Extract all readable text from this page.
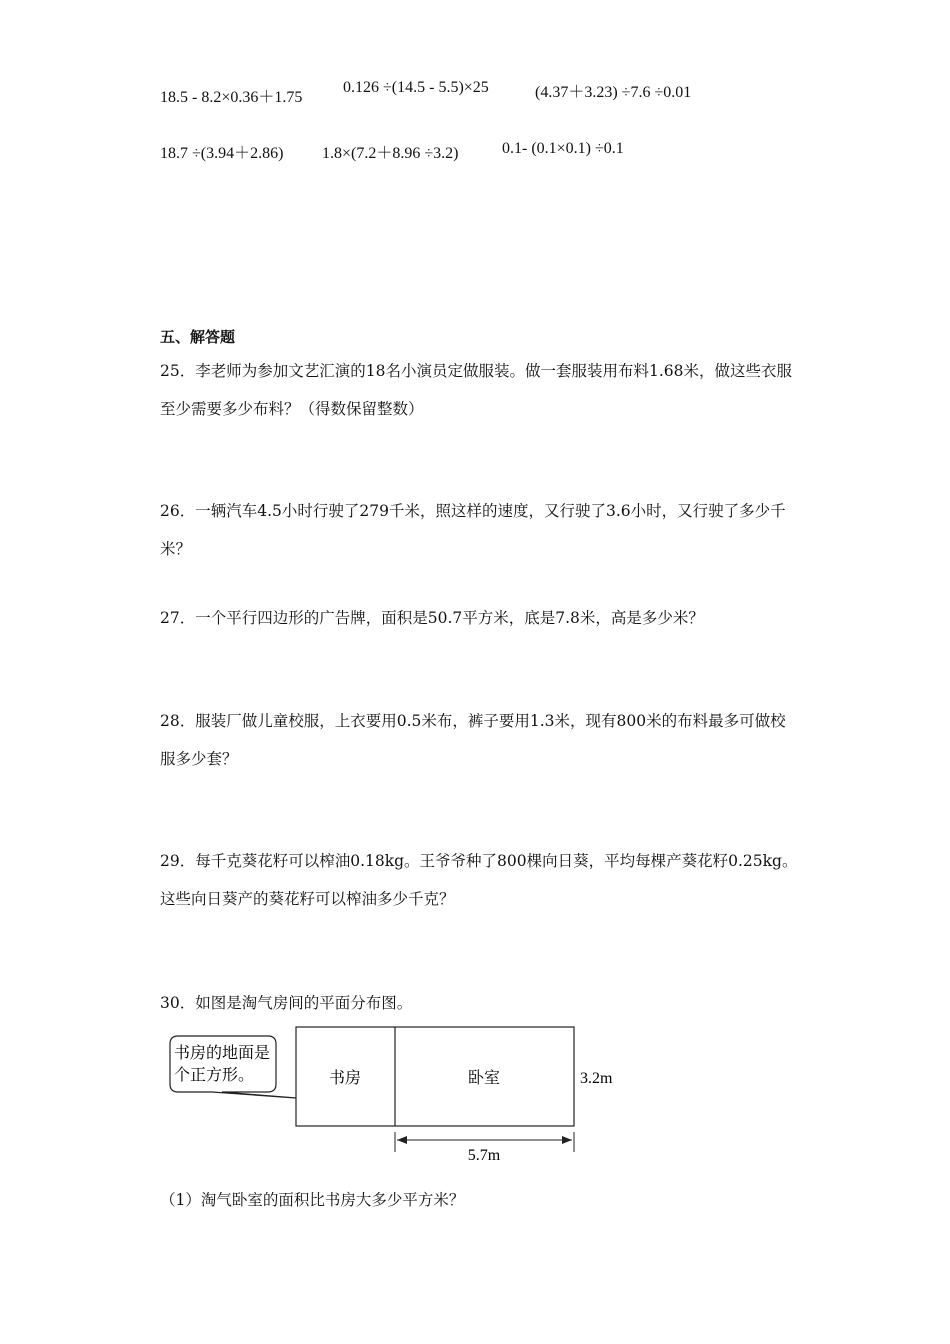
18.5 - 8.2×0.36＋1.75
0.126 ÷(14.5 - 5.5)×25	(4.37＋3.23) ÷7.6 ÷0.01
18.7 ÷(3.94＋2.86) 1.8×(7.2＋8.96 ÷3.2)	0.1- (0.1×0.1) ÷0.1
五、解答题
25．李老师为参加文艺汇演的18名小演员定做服装。做一套服装用布料1.68米，做这些衣服至少需要多少布料？（得数保留整数）
26．一辆汽车4.5小时行驶了279千米，照这样的速度，又行驶了3.6小时，又行驶了多少千米？
27．一个平行四边形的广告牌，面积是50.7平方米，底是7.8米，高是多少米？
28．服装厂做儿童校服，上衣要用0.5米布，裤子要用1.3米，现有800米的布料最多可做校服多少套？
29．每千克葵花籽可以榨油0.18kg。王爷爷种了800棵向日葵，平均每棵产葵花籽0.25kg。这些向日葵产的葵花籽可以榨油多少千克？
30．如图是淘气房间的平面分布图。
书房的地面是
个正方形。	书房	卧室	3.2m
5.7m
（1）淘气卧室的面积比书房大多少平方米？
